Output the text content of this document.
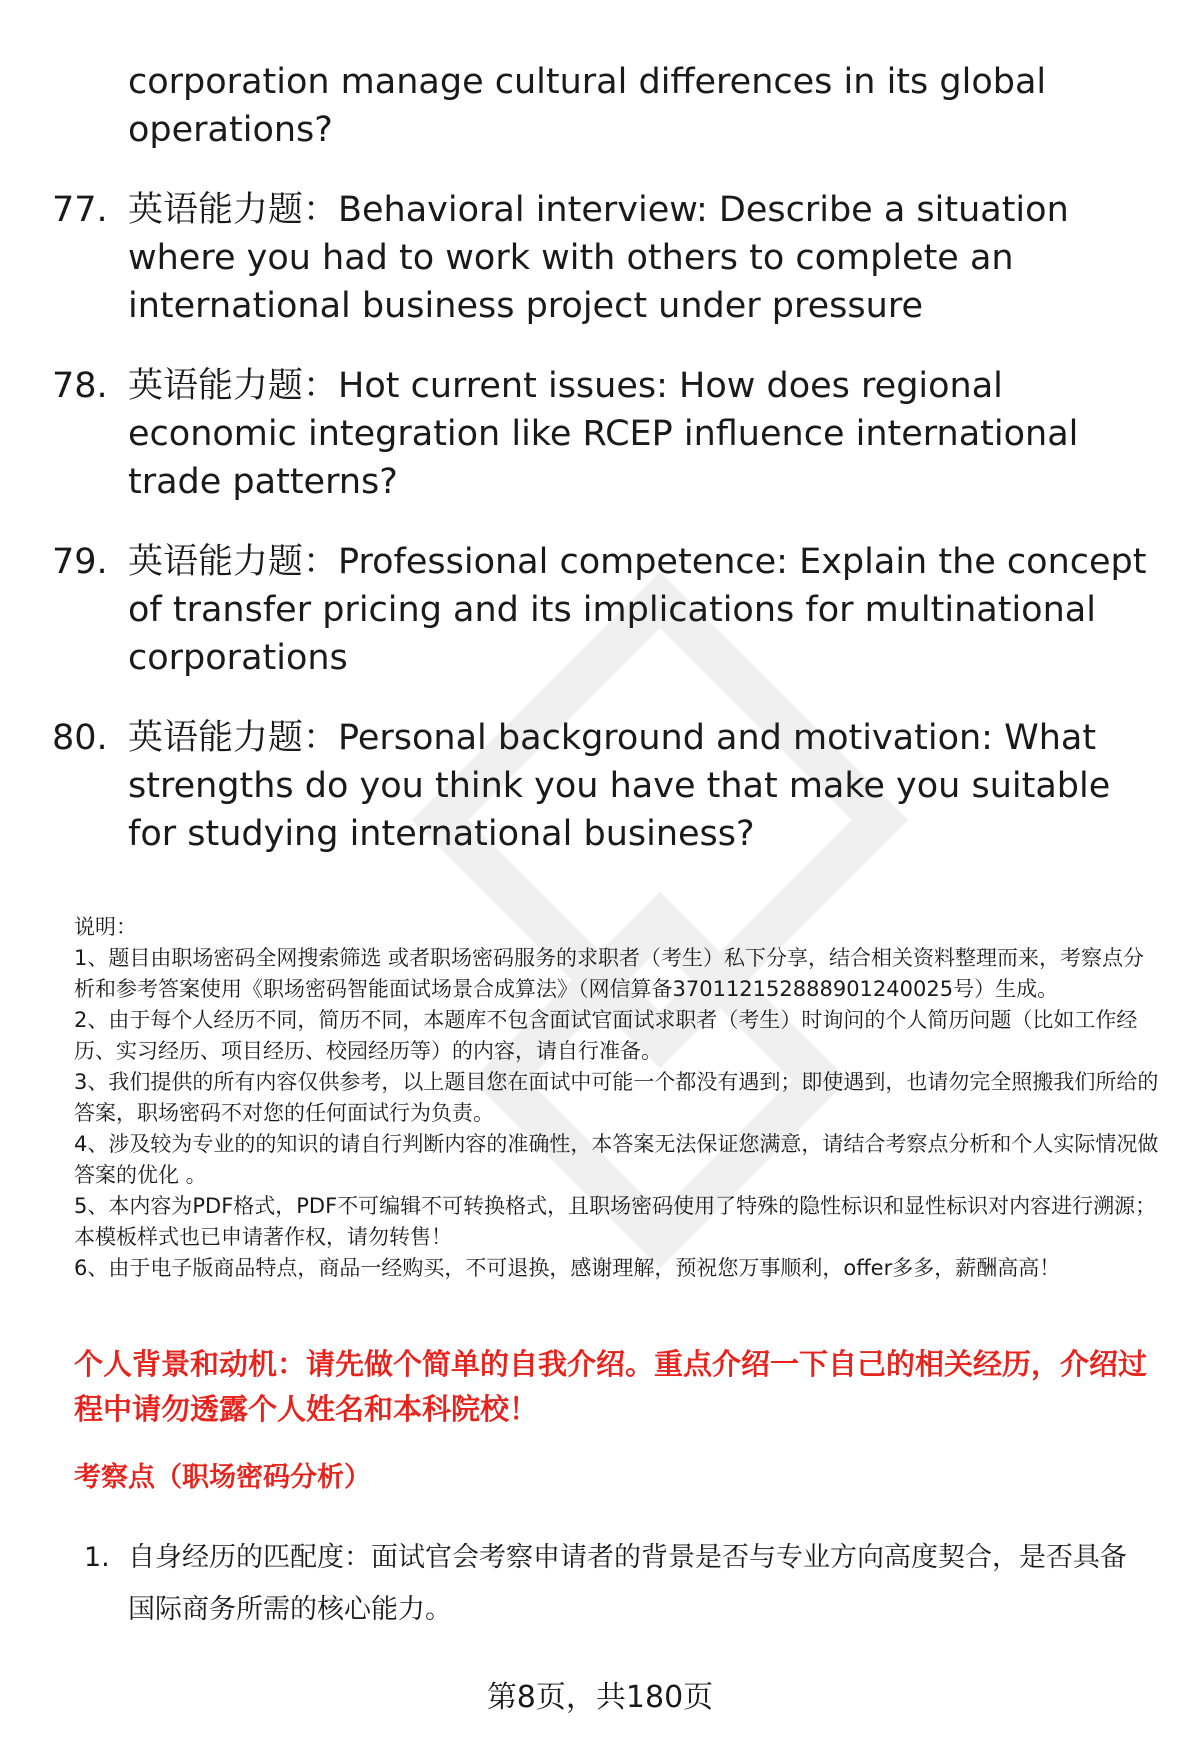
corporation manage cultural differences in its global operations?
77. 英语能力题：Behavioral interview: Describe a situation where you had to work with others to complete an international business project under pressure
78. 英语能力题：Hot current issues: How does regional economic integration like RCEP influence international trade patterns?
79. 英语能力题：Professional competence: Explain the concept of transfer pricing and its implications for multinational corporations
80. 英语能力题：Personal background and motivation: What strengths do you think you have that make you suitable for studying international business?

说明：

1、题目由职场密码全网搜索筛选 或者职场密码服务的求职者（考生）私下分享，结合相关资料整理而来，考察点分析和参考答案使用《职场密码智能面试场景合成算法》（网信算备370112152888901240025号）生成。

2、由于每个人经历不同，简历不同，本题库不包含面试官面试求职者（考生）时询问的个人简历问题（比如工作经历、实习经历、项目经历、校园经历等）的内容，请自行准备。

3、我们提供的所有内容仅供参考，以上题目您在面试中可能一个都没有遇到；即使遇到，也请勿完全照搬我们所给的答案，职场密码不对您的任何面试行为负责。

4、涉及较为专业的的知识的请自行判断内容的准确性，本答案无法保证您满意，请结合考察点分析和个人实际情况做答案的优化 。

5、本内容为PDF格式，PDF不可编辑不可转换格式，且职场密码使用了特殊的隐性标识和显性标识对内容进行溯源；本模板样式也已申请著作权，请勿转售！

6、由于电子版商品特点，商品一经购买，不可退换，感谢理解，预祝您万事顺利，offer多多，薪酬高高！

个人背景和动机：请先做个简单的自我介绍。重点介绍一下自己的相关经历，介绍过程中请勿透露个人姓名和本科院校！
考察点（职场密码分析）
1. 自身经历的匹配度：面试官会考察申请者的背景是否与专业方向高度契合，是否具备国际商务所需的核心能力。
第8页，共180页
